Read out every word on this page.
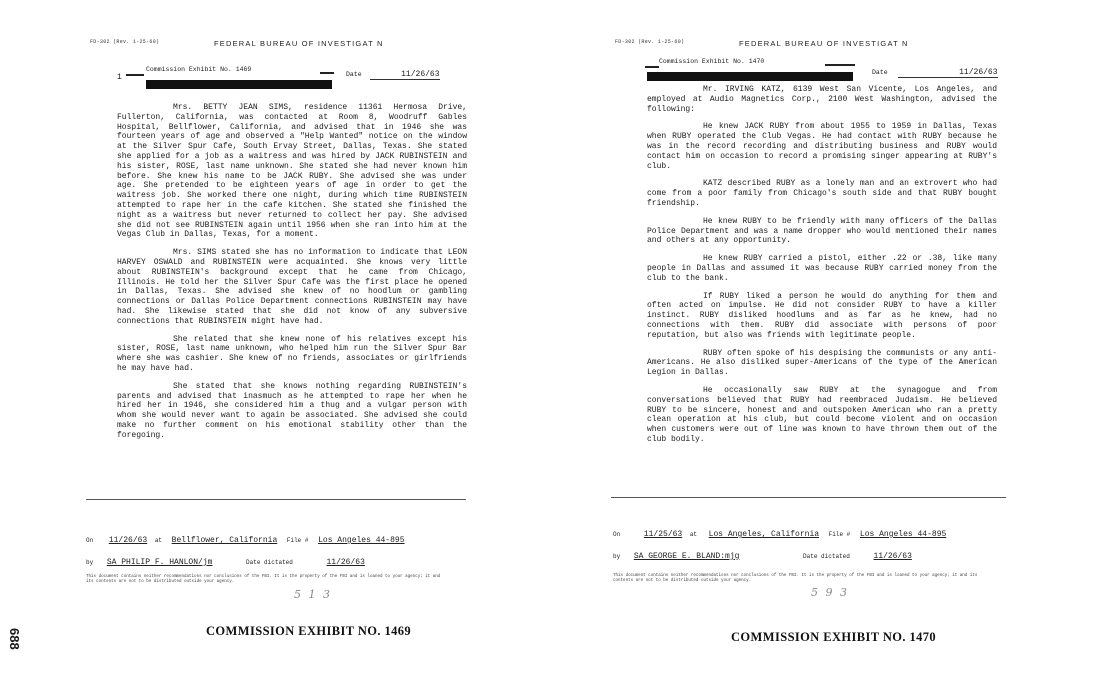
FD-302 (Rev. 1-25-60)	FEDERAL BUREAU OF INVESTIGAT N
1
Commission Exhibit No. 1469
Date	11/26/63

Mrs. BETTY JEAN SIMS, residence 11361 Hermosa Drive, Fullerton, California, was contacted at Room 8, Woodruff Gables Hospital, Bellflower, California, and advised that in 1946 she was fourteen years of age and observed a "Help Wanted" notice on the window at the Silver Spur Cafe, South Ervay Street, Dallas, Texas. She stated she applied for a job as a waitress and was hired by JACK RUBINSTEIN and his sister, ROSE, last name unknown. She stated she had never known him before. She knew his name to be JACK RUBY. She advised she was under age. She pretended to be eighteen years of age in order to get the waitress job. She worked there one night, during which time RUBINSTEIN attempted to rape her in the cafe kitchen. She stated she finished the night as a waitress but never returned to collect her pay. She advised she did not see RUBINSTEIN again until 1956 when she ran into him at the Vegas Club in Dallas, Texas, for a moment.

Mrs. SIMS stated she has no information to indicate that LEON HARVEY OSWALD and RUBINSTEIN were acquainted. She knows very little about RUBINSTEIN's background except that he came from Chicago, Illinois. He told her the Silver Spur Cafe was the first place he opened in Dallas, Texas. She advised she knew of no hoodlum or gambling connections or Dallas Police Department connections RUBINSTEIN may have had. She likewise stated that she did not know of any subversive connections that RUBINSTEIN might have had.

She related that she knew none of his relatives except his sister, ROSE, last name unknown, who helped him run the Silver Spur Bar where she was cashier. She knew of no friends, associates or girlfriends he may have had.

She stated that she knows nothing regarding RUBINSTEIN's parents and advised that inasmuch as he attempted to rape her when he hired her in 1946, she considered him a thug and a vulgar person with whom she would never want to again be associated. She advised she could make no further comment on his emotional stability other than the foregoing.

On 11/26/63 at Bellflower, California File # Los Angeles 44-895
by SA PHILIP F. HANLON/jm	Date dictated	11/26/63
This document contains neither recommendations nor conclusions of the FBI. It is the property of the FBI and is loaned to your agency; it and its contents are not to be distributed outside your agency.
5 1 3
COMMISSION EXHIBIT NO. 1469
688
FD-302 (Rev. 1-25-60)	FEDERAL BUREAU OF INVESTIGAT N
Commission Exhibit No. 1470
Date	11/26/63

Mr. IRVING KATZ, 6139 West San Vicente, Los Angeles, and employed at Audio Magnetics Corp., 2100 West Washington, advised the following:

He knew JACK RUBY from about 1955 to 1959 in Dallas, Texas when RUBY operated the Club Vegas. He had contact with RUBY because he was in the record recording and distributing business and RUBY would contact him on occasion to record a promising singer appearing at RUBY's club.

KATZ described RUBY as a lonely man and an extrovert who had come from a poor family from Chicago's south side and that RUBY bought friendship.

He knew RUBY to be friendly with many officers of the Dallas Police Department and was a name dropper who would mentioned their names and others at any opportunity.

He knew RUBY carried a pistol, either .22 or .38, like many people in Dallas and assumed it was because RUBY carried money from the club to the bank.

If RUBY liked a person he would do anything for them and often acted on impulse. He did not consider RUBY to have a killer instinct. RUBY disliked hoodlums and as far as he knew, had no connections with them. RUBY did associate with persons of poor reputation, but also was friends with legitimate people.

RUBY often spoke of his despising the communists or any anti-Americans. He also disliked super-Americans of the type of the American Legion in Dallas.

He occasionally saw RUBY at the synagogue and from conversations believed that RUBY had reembraced Judaism. He believed RUBY to be sincere, honest and and outspoken American who ran a pretty clean operation at his club, but could become violent and on occasion when customers were out of line was known to have thrown them out of the club bodily.

On	11/25/63 at Los Angeles, California File # Los Angeles 44-895
by SA GEORGE E. BLAND:mjg	Date dictated	11/26/63
This document contains neither recommendations nor conclusions of the FBI. It is the property of the FBI and is loaned to your agency; it and its contents are not to be distributed outside your agency.
5 9 3
COMMISSION EXHIBIT NO. 1470
